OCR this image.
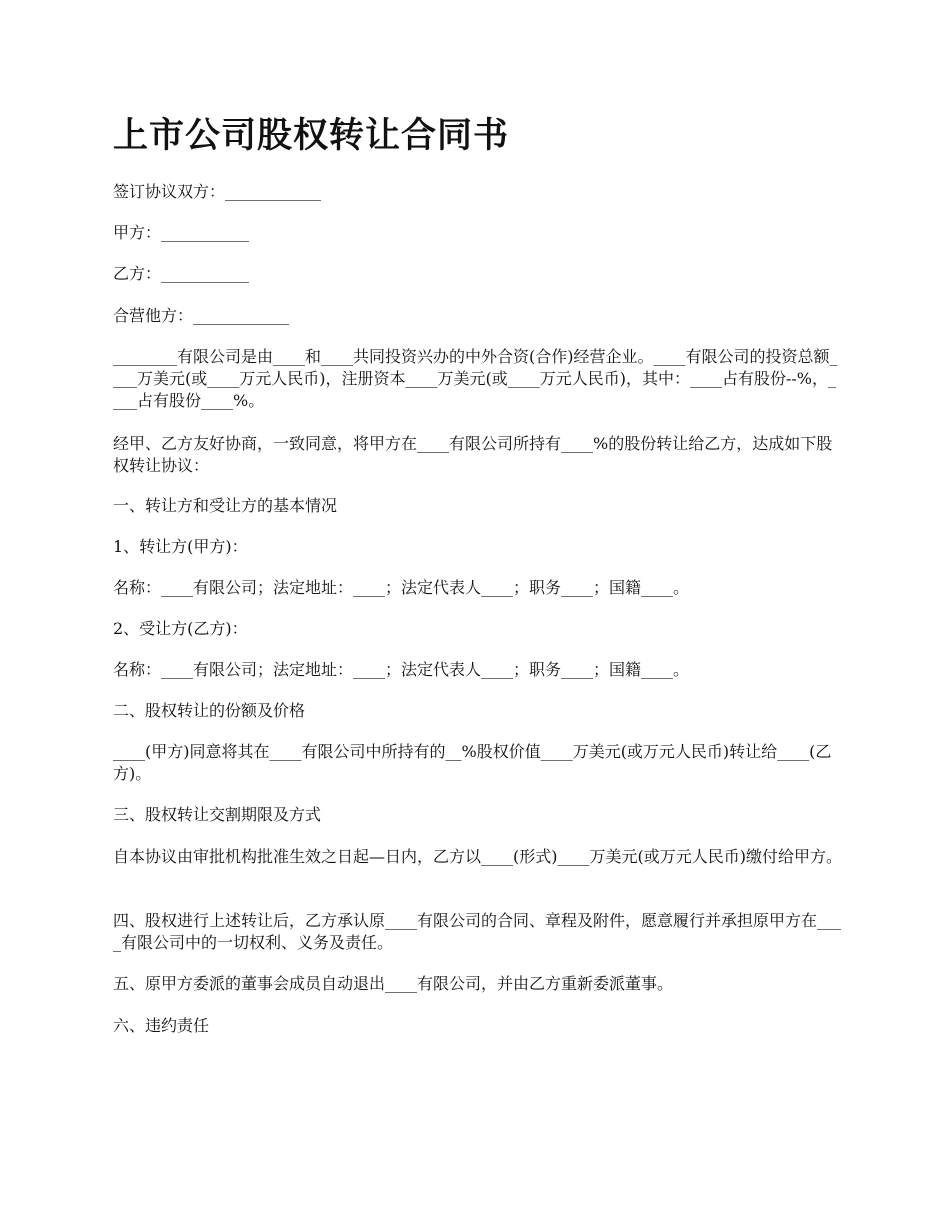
上市公司股权转让合同书

签订协议双方：____________

甲方：___________

乙方：___________

合营他方：____________

________有限公司是由____和____共同投资兴办的中外合资(合作)经营企业。____有限公司的投资总额____万美元(或____万元人民币)，注册资本____万美元(或____万元人民币)，其中：____占有股份--%，____占有股份____%。

经甲、乙方友好协商，一致同意，将甲方在____有限公司所持有____%的股份转让给乙方，达成如下股权转让协议：

一、转让方和受让方的基本情况

1、转让方(甲方)：

名称：____有限公司；法定地址：____；法定代表人____；职务____；国籍____。

2、受让方(乙方)：

名称：____有限公司；法定地址：____；法定代表人____；职务____；国籍____。

二、股权转让的份额及价格

____(甲方)同意将其在____有限公司中所持有的__%股权价值____万美元(或万元人民币)转让给____(乙方)。

三、股权转让交割期限及方式

自本协议由审批机构批准生效之日起—日内，乙方以____(形式)____万美元(或万元人民币)缴付给甲方。

四、股权进行上述转让后，乙方承认原____有限公司的合同、章程及附件，愿意履行并承担原甲方在____有限公司中的一切权利、义务及责任。

五、原甲方委派的董事会成员自动退出____有限公司，并由乙方重新委派董事。

六、违约责任
